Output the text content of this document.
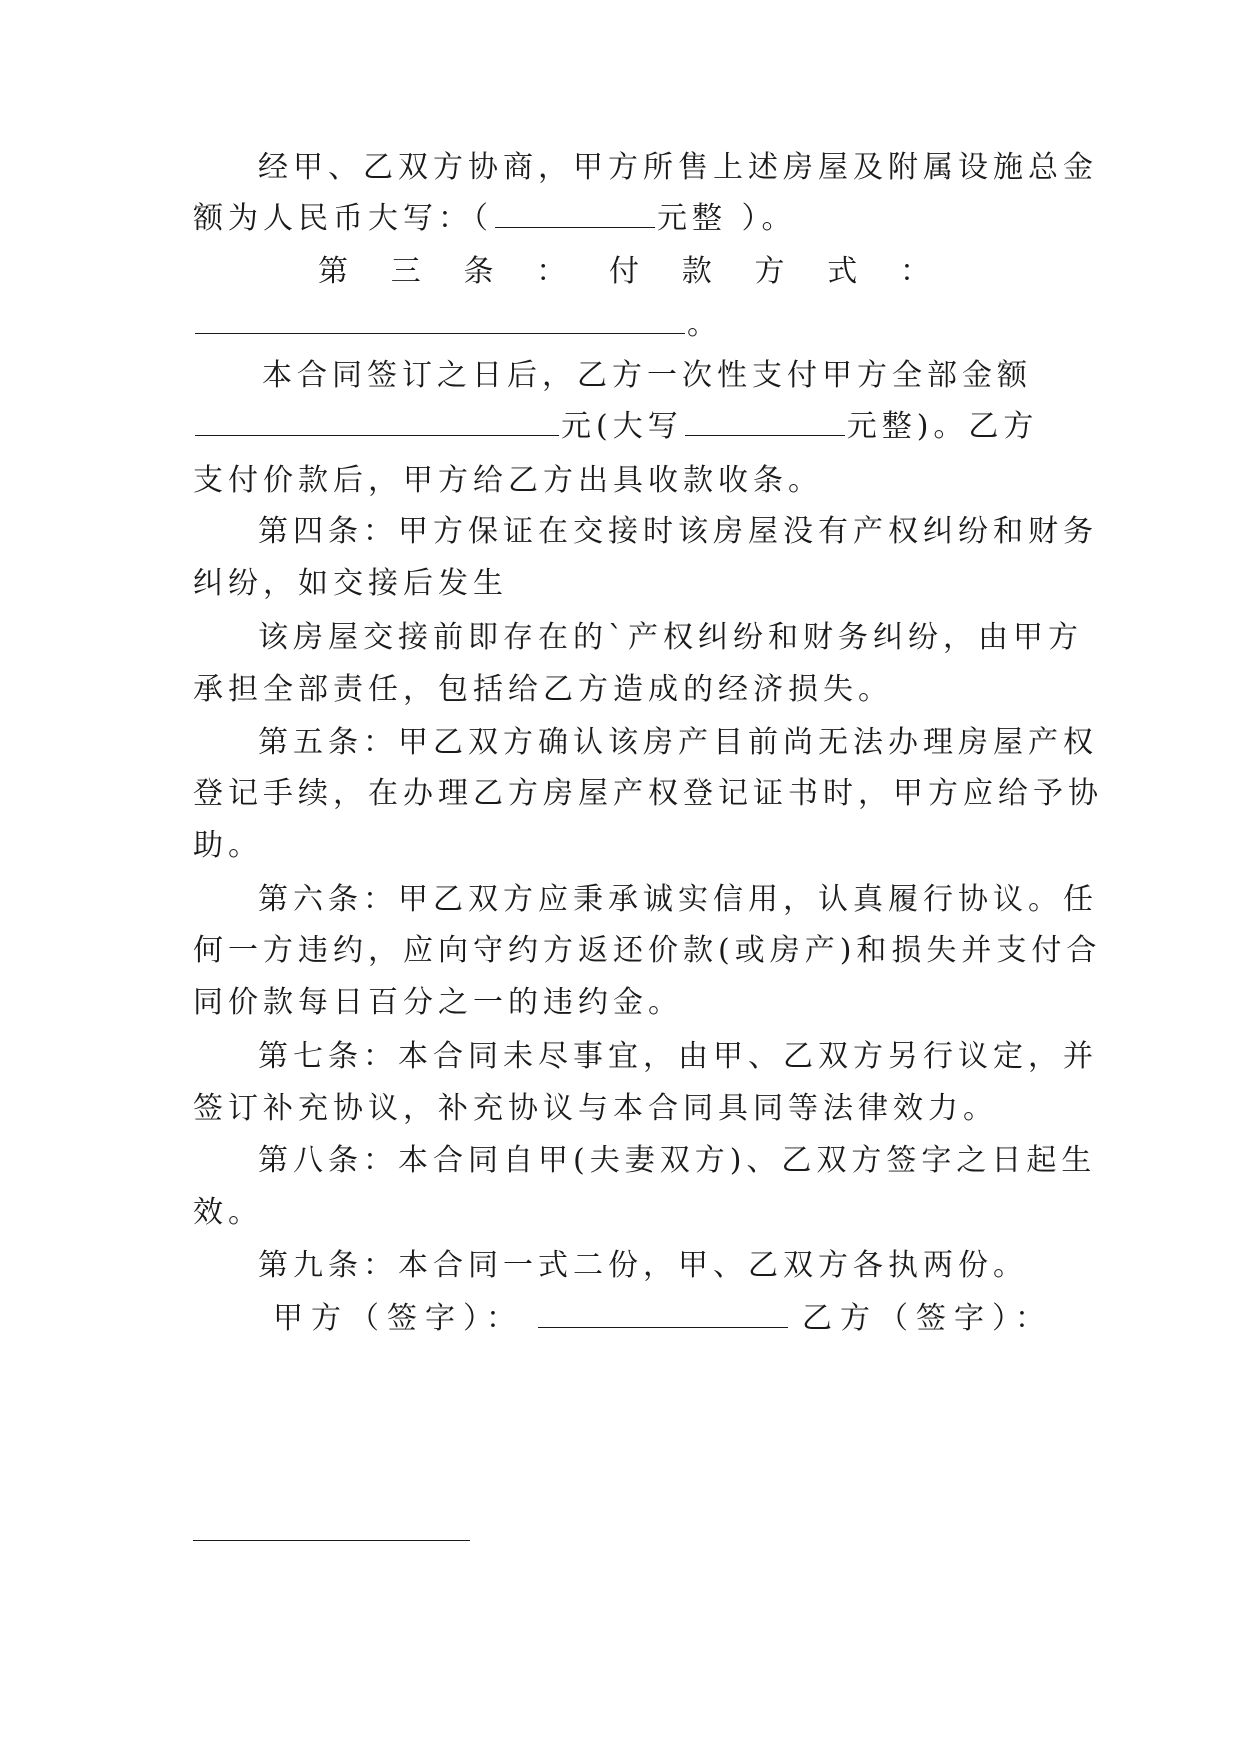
经甲、乙双方协商，甲方所售上述房屋及附属设施总金
额为人民币大写：（	元整 ）。
第 三 条 ： 付 款 方 式 ：
。
本合同签订之日后，乙方一次性支付甲方全部金额
元(大写	元整)。乙方
支付价款后，甲方给乙方出具收款收条。
第四条：甲方保证在交接时该房屋没有产权纠纷和财务
纠纷，如交接后发生
该房屋交接前即存在的`产权纠纷和财务纠纷，由甲方
承担全部责任，包括给乙方造成的经济损失。
第五条：甲乙双方确认该房产目前尚无法办理房屋产权
登记手续，在办理乙方房屋产权登记证书时，甲方应给予协
助。
第六条：甲乙双方应秉承诚实信用，认真履行协议。任
何一方违约，应向守约方返还价款(或房产)和损失并支付合
同价款每日百分之一的违约金。
第七条：本合同未尽事宜，由甲、乙双方另行议定，并
签订补充协议，补充协议与本合同具同等法律效力。
第八条：本合同自甲(夫妻双方)、乙双方签字之日起生
效。
第九条：本合同一式二份，甲、乙双方各执两份。
甲方（签字）：	乙方（签字）：
